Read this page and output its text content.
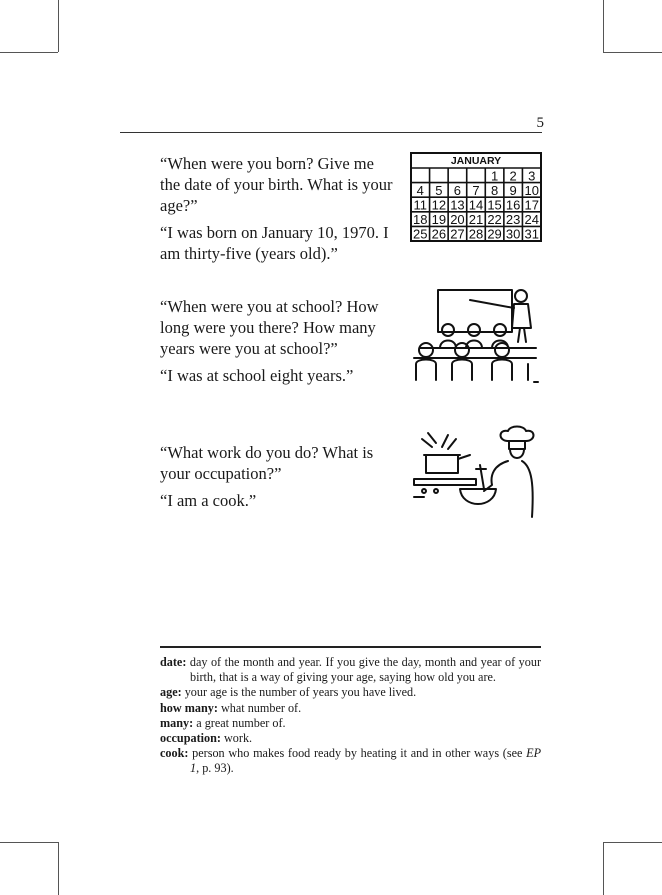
5

“When were you born? Give me the date of your birth. What is your age?”

“I was born on January 10, 1970. I am thirty-five (years old).”

JANUARY
1 2 3
4 5 6 7 8 9 10
11 12 13 14 15 16 17
18 19 20 21 22 23 24
25 26 27 28 29 30 31

“When were you at school? How long were you there? How many years were you at school?”

“I was at school eight years.”

“What work do you do? What is your occupation?”

“I am a cook.”

date: day of the month and year. If you give the day, month and year of your birth, that is a way of giving your age, saying how old you are.

age: your age is the number of years you have lived.

how many: what number of.

many: a great number of.

occupation: work.

cook: person who makes food ready by heating it and in other ways (see EP 1, p. 93).
